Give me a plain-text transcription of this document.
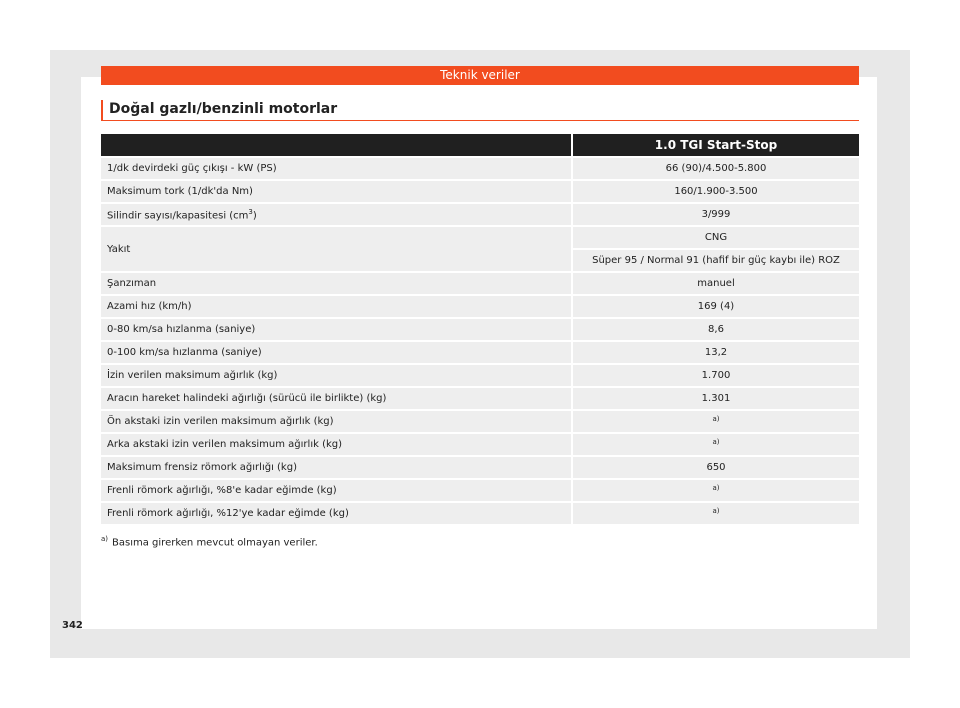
Teknik veriler
Doğal gazlı/benzinli motorlar
	1.0 TGI Start-Stop
1/dk devirdeki güç çıkışı - kW (PS)	66 (90)/4.500-5.800
Maksimum tork (1/dk'da Nm)	160/1.900-3.500
Silindir sayısı/kapasitesi $(cm^3)$	3/999
Yakıt	CNG
	Süper 95 / Normal 91 (hafif bir güç kaybı ile) ROZ
Şanzıman	manuel
Azami hız (km/h)	169 (4)
0-80 km/sa hızlanma (saniye)	8,6
0-100 km/sa hızlanma (saniye)	13,2
İzin verilen maksimum ağırlık (kg)	1.700
Aracın hareket halindeki ağırlığı (sürücü ile birlikte) (kg)	1.301
Ön akstaki izin verilen maksimum ağırlık (kg)	$^{a)}$
Arka akstaki izin verilen maksimum ağırlık (kg)	$^{a)}$
Maksimum frensiz römork ağırlığı (kg)	650
Frenli römork ağırlığı, %8'e kadar eğimde (kg)	$^{a)}$
Frenli römork ağırlığı, %12'ye kadar eğimde (kg)	$^{a)}$
$^{a)}$ Basıma girerken mevcut olmayan veriler.
342
